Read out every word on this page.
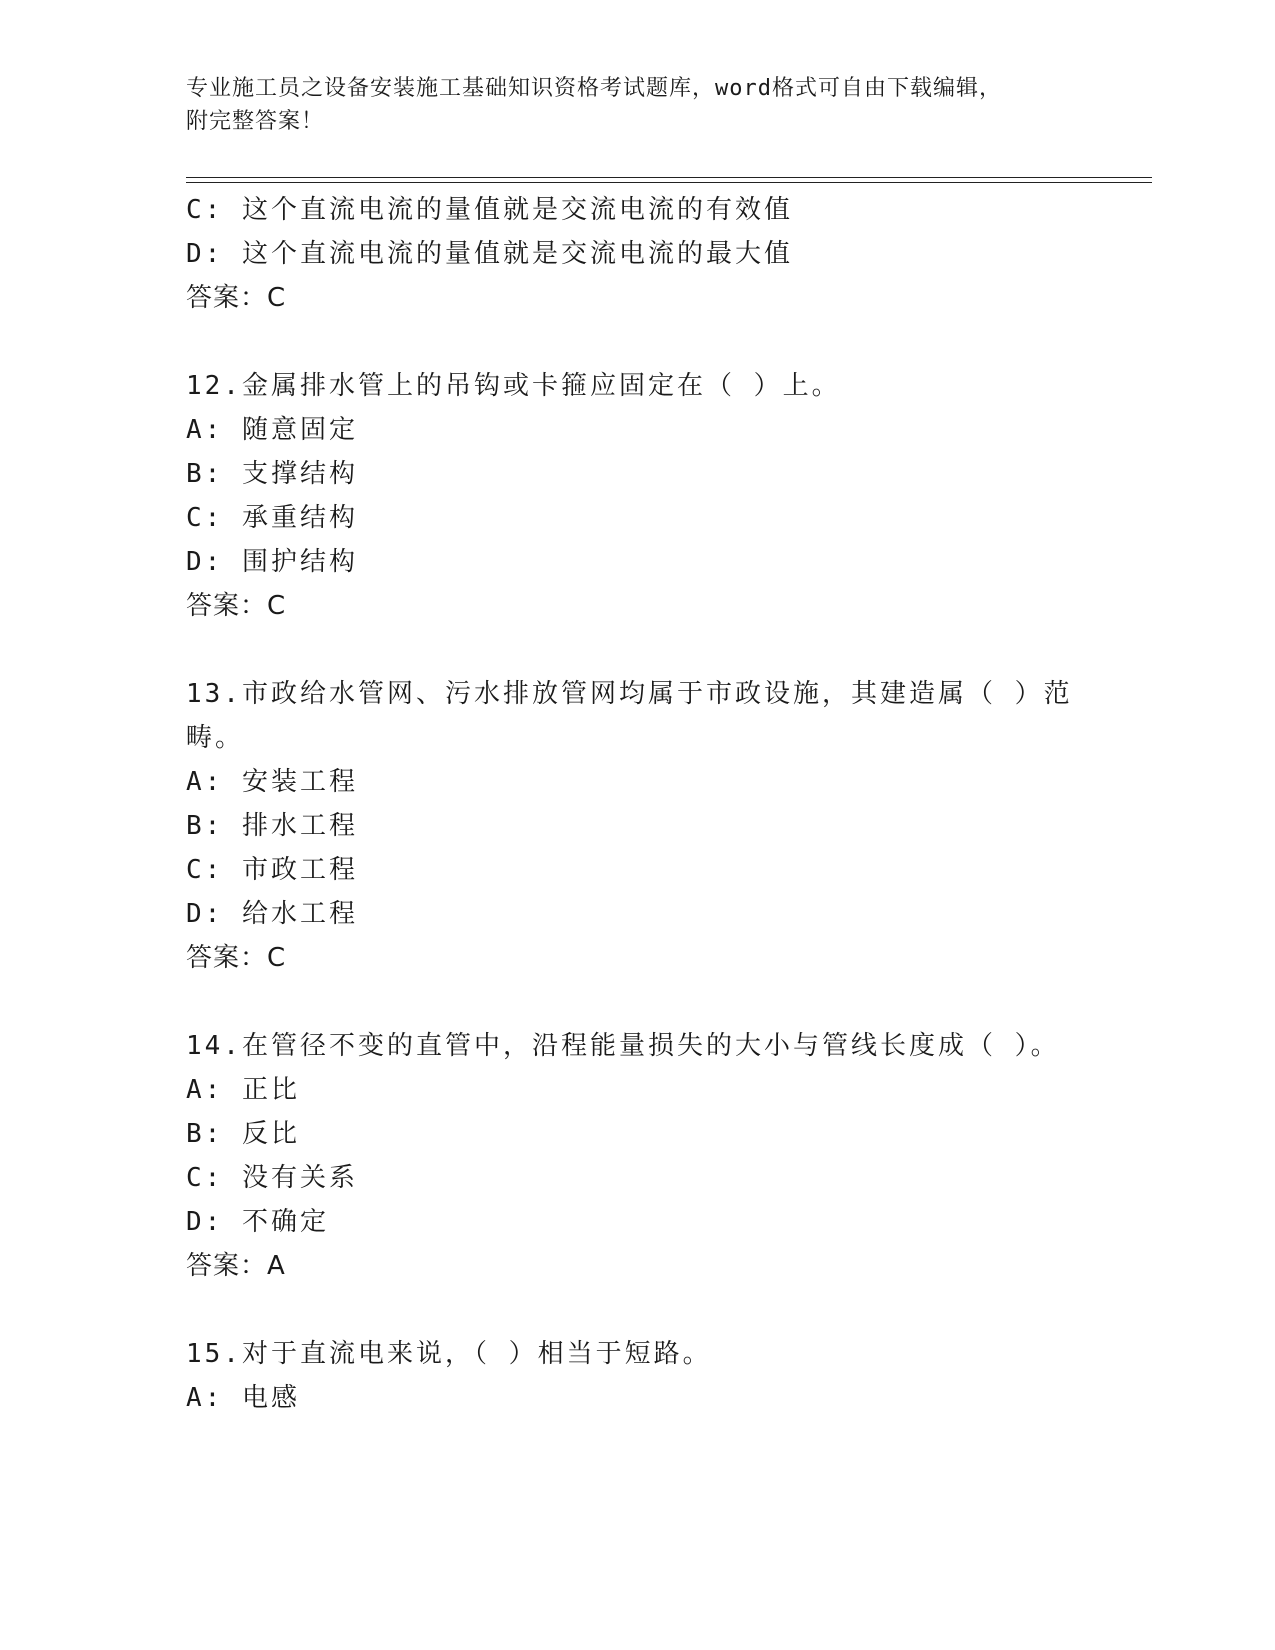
专业施工员之设备安装施工基础知识资格考试题库，word格式可自由下载编辑，
附完整答案！
C: 这个直流电流的量值就是交流电流的有效值
D: 这个直流电流的量值就是交流电流的最大值
答案：C
12.金属排水管上的吊钩或卡箍应固定在（ ）上。
A: 随意固定
B: 支撑结构
C: 承重结构
D: 围护结构
答案：C
13.市政给水管网、污水排放管网均属于市政设施，其建造属（ ）范
畴。
A: 安装工程
B: 排水工程
C: 市政工程
D: 给水工程
答案：C
14.在管径不变的直管中，沿程能量损失的大小与管线长度成（ ）。
A: 正比
B: 反比
C: 没有关系
D: 不确定
答案：A
15.对于直流电来说，（ ）相当于短路。
A: 电感
